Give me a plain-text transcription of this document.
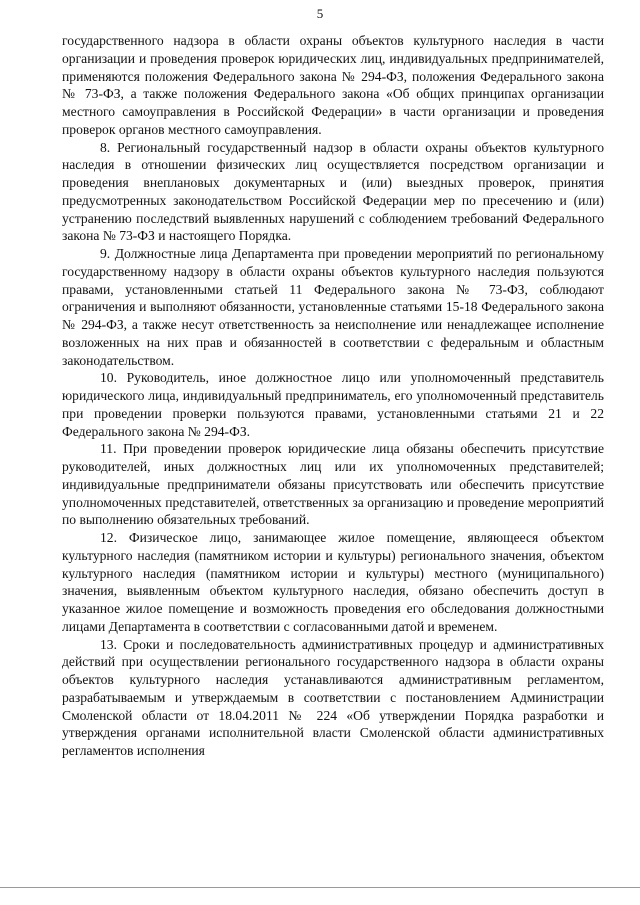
5

государственного надзора в области охраны объектов культурного наследия в части организации и проведения проверок юридических лиц, индивидуальных предпринимателей, применяются положения Федерального закона № 294-ФЗ, положения Федерального закона № 73-ФЗ, а также положения Федерального закона «Об общих принципах организации местного самоуправления в Российской Федерации» в части организации и проведения проверок органов местного самоуправления.

8. Региональный государственный надзор в области охраны объектов культурного наследия в отношении физических лиц осуществляется посредством организации и проведения внеплановых документарных и (или) выездных проверок, принятия предусмотренных законодательством Российской Федерации мер по пресечению и (или) устранению последствий выявленных нарушений с соблюдением требований Федерального закона № 73-ФЗ и настоящего Порядка.

9. Должностные лица Департамента при проведении мероприятий по региональному государственному надзору в области охраны объектов культурного наследия пользуются правами, установленными статьей 11 Федерального закона № 73-ФЗ, соблюдают ограничения и выполняют обязанности, установленные статьями 15-18 Федерального закона № 294-ФЗ, а также несут ответственность за неисполнение или ненадлежащее исполнение возложенных на них прав и обязанностей в соответствии с федеральным и областным законодательством.

10. Руководитель, иное должностное лицо или уполномоченный представитель юридического лица, индивидуальный предприниматель, его уполномоченный представитель при проведении проверки пользуются правами, установленными статьями 21 и 22 Федерального закона № 294-ФЗ.

11. При проведении проверок юридические лица обязаны обеспечить присутствие руководителей, иных должностных лиц или их уполномоченных представителей; индивидуальные предприниматели обязаны присутствовать или обеспечить присутствие уполномоченных представителей, ответственных за организацию и проведение мероприятий по выполнению обязательных требований.

12. Физическое лицо, занимающее жилое помещение, являющееся объектом культурного наследия (памятником истории и культуры) регионального значения, объектом культурного наследия (памятником истории и культуры) местного (муниципального) значения, выявленным объектом культурного наследия, обязано обеспечить доступ в указанное жилое помещение и возможность проведения его обследования должностными лицами Департамента в соответствии с согласованными датой и временем.

13. Сроки и последовательность административных процедур и административных действий при осуществлении регионального государственного надзора в области охраны объектов культурного наследия устанавливаются административным регламентом, разрабатываемым и утверждаемым в соответствии с постановлением Администрации Смоленской области от 18.04.2011 № 224 «Об утверждении Порядка разработки и утверждения органами исполнительной власти Смоленской области административных регламентов исполнения
